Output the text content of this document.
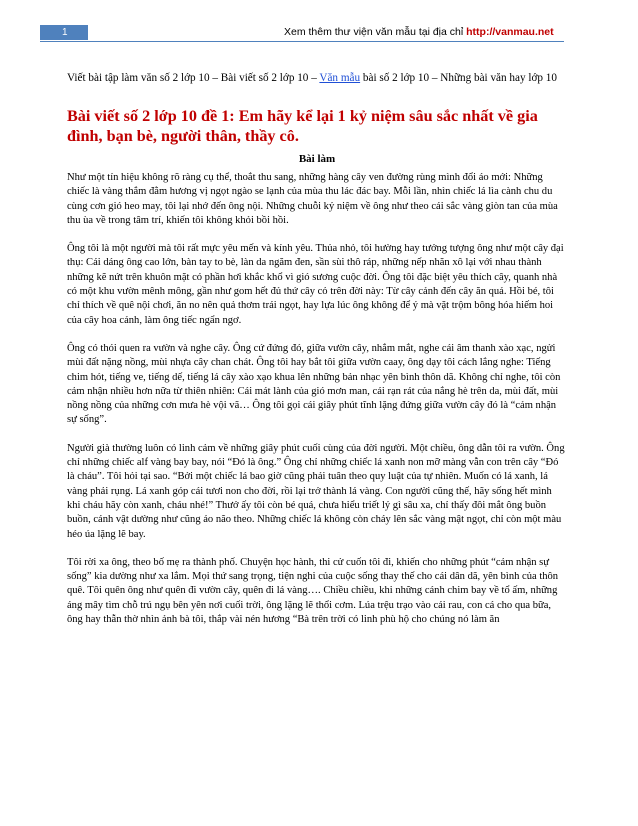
1	Xem thêm thư viện văn mẫu tại địa chỉ http://vanmau.net

Viết bài tập làm văn số 2 lớp 10 – Bài viết số 2 lớp 10 – Văn mẫu bài số 2 lớp 10 – Những bài văn hay lớp 10

Bài viết số 2 lớp 10 đề 1: Em hãy kể lại 1 kỷ niệm sâu sắc nhất về gia đình, bạn bè, người thân, thầy cô.
Bài làm

Như một tín hiệu không rõ ràng cụ thể, thoắt thu sang, những hàng cây ven đường rùng mình đổi áo mới: Những chiếc là vàng thắm đằm hương vị ngọt ngào se lạnh của mùa thu lác đác bay. Mỗi lần, nhìn chiếc lá lìa cành chu du cùng cơn gió heo may, tôi lại nhớ đến ông nội. Những chuỗi kỷ niệm về ông như theo cái sắc vàng giòn tan của mùa thu ùa về trong tâm trí, khiến tôi không khỏi bồi hồi.

Ông tôi là một người mà tôi rất mực yêu mến và kính yêu. Thủa nhỏ, tôi hường hay tưởng tượng ông như một cây đại thụ: Cái dáng ông cao lớn, bàn tay to bè, làn da ngăm đen, sần sùi thô ráp, những nếp nhăn xô lại với nhau thành những kẽ nứt trên khuôn mặt có phần hơi khắc khổ vì gió sương cuộc đời. Ông tôi đặc biệt yêu thích cây, quanh nhà có một khu vườn mênh mông, gần như gom hết đủ thứ cây cỏ trên đời này: Từ cây cảnh đến cây ăn quả. Hồi bé, tôi chỉ thích về quê nội chơi, ăn no nên quả thơm trái ngọt, hay lựa lúc ông không để ý mà vặt trộm bông hóa hiếm hoi của cây hoa cảnh, làm ông tiếc ngẩn ngơ.

Ông có thói quen ra vườn và nghe cây. Ông cứ đứng đó, giữa vườn cây, nhắm mắt, nghe cái âm thanh xào xạc, ngửi mùi đất nặng nồng, mùi nhựa cây chan chát. Ông tôi hay bắt tôi giữa vườn caay, ông dạy tôi cách lắng nghe: Tiếng chim hót, tiếng ve, tiếng dế, tiếng lá cây xào xạo khua lên những bản nhạc yên bình thôn dã. Không chỉ nghe, tôi còn cảm nhận nhiều hơn nữa từ thiên nhiên: Cái mát lành của gió mơn man, cái rạn rát của nắng hè trên da, mùi đất, mùi nồng nồng của những cơn mưa hè vội vã… Ông tôi gọi cái giây phút tĩnh lặng đứng giữa vườn cây đó là “cảm nhận sự sống”.

Người già thường luôn có linh cảm về những giây phút cuối cùng của đời người. Một chiều, ông dẫn tôi ra vườn. Ông chỉ những chiếc alf vàng bay bay, nói “Đó là ông.” Ông chỉ những chiếc lá xanh non mỡ màng vẫn con trên cây “Đó là cháu”. Tôi hỏi tại sao. “Bởi một chiếc lá bao giờ cũng phải tuân theo quy luật của tự nhiên. Muốn có lá xanh, lá vàng phải rụng. Lá xanh góp cái tươi non cho đời, rồi lại trở thành lá vàng. Con người cũng thế, hãy sống hết mình khi cháu hãy còn xanh, cháu nhé!” Thưở ấy tôi còn bé quá, chưa hiểu triết lý gì sâu xa, chỉ thấy đôi mắt ông buồn buồn, cánh vật dường như cũng ảo não theo. Những chiếc lá không còn cháy lên sắc vàng mật ngọt, chỉ còn một màu héo úa lặng lẽ bay.

Tôi rời xa ông, theo bố mẹ ra thành phố. Chuyện học hành, thi cử cuốn tôi đi, khiến cho những phút “cảm nhận sự sống” kia dường như xa lắm. Mọi thứ sang trọng, tiện nghi của cuộc sống thay thế cho cái dân dã, yên bình của thôn quê. Tôi quên ông như quên đi vườn cây, quên đi lá vàng…. Chiều chiều, khi những cánh chim bay về tổ ấm, những áng mây tìm chỗ trú ngụ bên yên nơi cuối trời, ông lặng lẽ thổi cơm. Lúa trệu trạo vào cái rau, con cá cho qua bữa, ông hay thẫn thờ nhìn ảnh bà tôi, thắp vài nén hương “Bà trên trời có linh phù hộ cho chúng nó làm ăn
